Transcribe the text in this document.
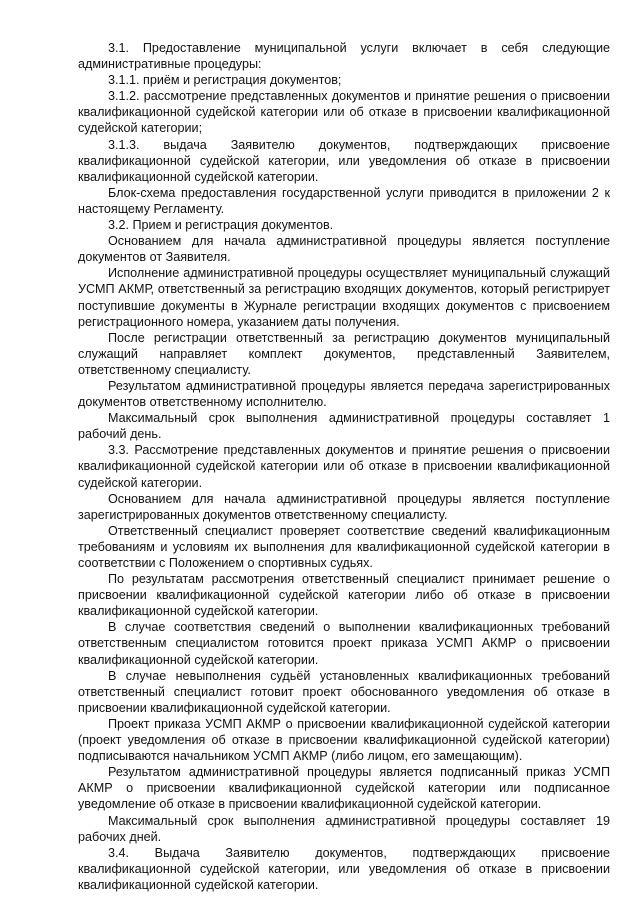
3.1. Предоставление муниципальной услуги включает в себя следующие административные процедуры:

3.1.1. приём и регистрация документов;

3.1.2. рассмотрение представленных документов и принятие решения о присвоении квалификационной судейской категории или об отказе в присвоении квалификационной судейской категории;

3.1.3. выдача Заявителю документов, подтверждающих присвоение квалификационной судейской категории, или уведомления об отказе в присвоении квалификационной судейской категории.

Блок-схема предоставления государственной услуги приводится в приложении 2 к настоящему Регламенту.

3.2. Прием и регистрация документов.

Основанием для начала административной процедуры является поступление документов от Заявителя.

Исполнение административной процедуры осуществляет муниципальный служащий УСМП АКМР, ответственный за регистрацию входящих документов, который регистрирует поступившие документы в Журнале регистрации входящих документов с присвоением регистрационного номера, указанием даты получения.

После регистрации ответственный за регистрацию документов муниципальный служащий направляет комплект документов, представленный Заявителем, ответственному специалисту.

Результатом административной процедуры является передача зарегистрированных документов ответственному исполнителю.

Максимальный срок выполнения административной процедуры составляет 1 рабочий день.

3.3. Рассмотрение представленных документов и принятие решения о присвоении квалификационной судейской категории или об отказе в присвоении квалификационной судейской категории.

Основанием для начала административной процедуры является поступление зарегистрированных документов ответственному специалисту.

Ответственный специалист проверяет соответствие сведений квалификационным требованиям и условиям их выполнения для квалификационной судейской категории в соответствии с Положением о спортивных судьях.

По результатам рассмотрения ответственный специалист принимает решение о присвоении квалификационной судейской категории либо об отказе в присвоении квалификационной судейской категории.

В случае соответствия сведений о выполнении квалификационных требований ответственным специалистом готовится проект приказа УСМП АКМР о присвоении квалификационной судейской категории.

В случае невыполнения судьёй установленных квалификационных требований ответственный специалист готовит проект обоснованного уведомления об отказе в присвоении квалификационной судейской категории.

Проект приказа УСМП АКМР о присвоении квалификационной судейской категории (проект уведомления об отказе в присвоении квалификационной судейской категории) подписываются начальником УСМП АКМР (либо лицом, его замещающим).

Результатом административной процедуры является подписанный приказ УСМП АКМР о присвоении квалификационной судейской категории или подписанное уведомление об отказе в присвоении квалификационной судейской категории.

Максимальный срок выполнения административной процедуры составляет 19 рабочих дней.

3.4. Выдача Заявителю документов, подтверждающих присвоение квалификационной судейской категории, или уведомления об отказе в присвоении квалификационной судейской категории.
